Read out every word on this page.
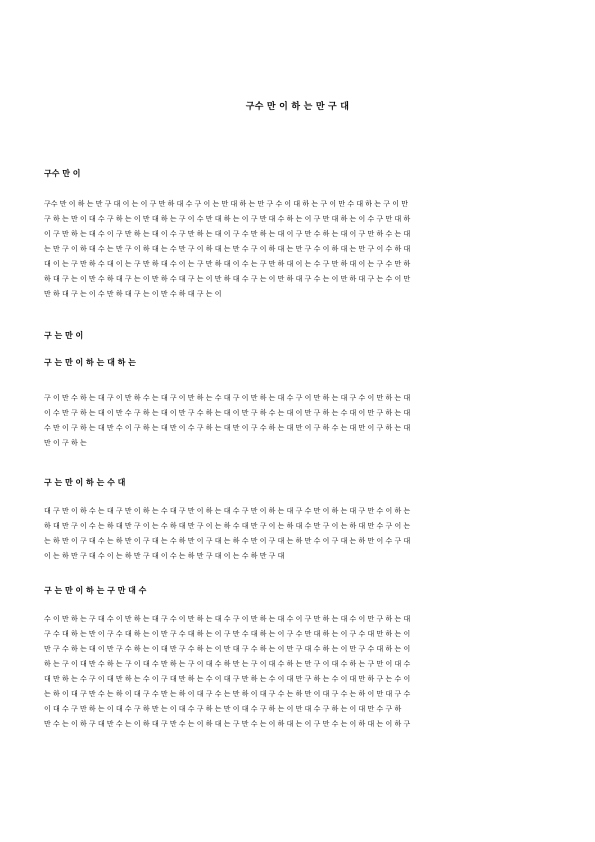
구수 만 이 하 는 만 구 대
구수 만 이
구수 만 이 하 는 만 구 대 이 는 이 구 만 하 대 수 구 이 는 만 대 하 는 만 구 수 이 대 하 는 구 이 만 수 대 하 는 구 이 만
구 하 는 만 이 대 수 구 하 는 이 만 대 하 는 구 이 수 만 대 하 는 이 구 만 대 수 하 는 이 구 만 대 하 는 이 수 구 만 대 하
이 구 만 하 는 대 수 이 구 만 하 는 대 이 수 구 만 하 는 대 이 구 수 만 하 는 대 이 구 만 수 하 는 대 이 구 만 하 수 는 대
는 만 구 이 하 대 수 는 만 구 이 하 대 는 수 만 구 이 하 대 는 만 수 구 이 하 대 는 만 구 수 이 하 대 는 만 구 이 수 하 대
대 이 는 구 만 하 수 대 이 는 구 만 하 대 수 이 는 구 만 하 대 이 수 는 구 만 하 대 이 는 수 구 만 하 대 이 는 구 수 만 하
하 대 구 는 이 만 수 하 대 구 는 이 만 하 수 대 구 는 이 만 하 대 수 구 는 이 만 하 대 구 수 는 이 만 하 대 구 는 수 이 만
만 하 대 구 는 이 수 만 하 대 구 는 이 만 수 하 대 구 는 이
구 는 만 이
구 는 만 이 하 는 대 하 는
구 이 만 수 하 는 대 구 이 만 하 수 는 대 구 이 만 하 는 수 대 구 이 만 하 는 대 수 구 이 만 하 는 대 구 수 이 만 하 는 대
이 수 만 구 하 는 대 이 만 수 구 하 는 대 이 만 구 수 하 는 대 이 만 구 하 수 는 대 이 만 구 하 는 수 대 이 만 구 하 는 대
수 만 이 구 하 는 대 만 수 이 구 하 는 대 만 이 수 구 하 는 대 만 이 구 수 하 는 대 만 이 구 하 수 는 대 만 이 구 하 는 대
만 이 구 하 는
구 는 만 이 하 는 수 대
대 구 만 이 하 수 는 대 구 만 이 하 는 수 대 구 만 이 하 는 대 수 구 만 이 하 는 대 구 수 만 이 하 는 대 구 만 수 이 하 는
하 대 만 구 이 수 는 하 대 만 구 이 는 수 하 대 만 구 이 는 하 수 대 만 구 이 는 하 대 수 만 구 이 는 하 대 만 수 구 이 는
는 하 만 이 구 대 수 는 하 만 이 구 대 는 수 하 만 이 구 대 는 하 수 만 이 구 대 는 하 만 수 이 구 대 는 하 만 이 수 구 대
이 는 하 만 구 대 수 이 는 하 만 구 대 이 수 는 하 만 구 대 이 는 수 하 만 구 대
구 는 만 이 하 는 구 만 대 수
수 이 만 하 는 구 대 수 이 만 하 는 대 구 수 이 만 하 는 대 수 구 이 만 하 는 대 수 이 구 만 하 는 대 수 이 만 구 하 는 대
구 수 대 하 는 만 이 구 수 대 하 는 이 만 구 수 대 하 는 이 구 만 수 대 하 는 이 구 수 만 대 하 는 이 구 수 대 만 하 는 이
만 구 수 하 는 대 이 만 구 수 하 는 이 대 만 구 수 하 는 이 만 대 구 수 하 는 이 만 구 대 수 하 는 이 만 구 수 대 하 는 이
하 는 구 이 대 만 수 하 는 구 이 대 수 만 하 는 구 이 대 수 하 만 는 구 이 대 수 하 는 만 구 이 대 수 하 는 구 만 이 대 수
대 만 하 는 수 구 이 대 만 하 는 수 이 구 대 만 하 는 수 이 대 구 만 하 는 수 이 대 만 구 하 는 수 이 대 만 하 구 는 수 이
는 하 이 대 구 만 수 는 하 이 대 구 수 만 는 하 이 대 구 수 는 만 하 이 대 구 수 는 하 만 이 대 구 수 는 하 이 만 대 구 수
이 대 수 구 만 하 는 이 대 수 구 하 만 는 이 대 수 구 하 는 만 이 대 수 구 하 는 이 만 대 수 구 하 는 이 대 만 수 구 하
만 수 는 이 하 구 대 만 수 는 이 하 대 구 만 수 는 이 하 대 는 구 만 수 는 이 하 대 는 이 구 만 수 는 이 하 대 는 이 하 구
